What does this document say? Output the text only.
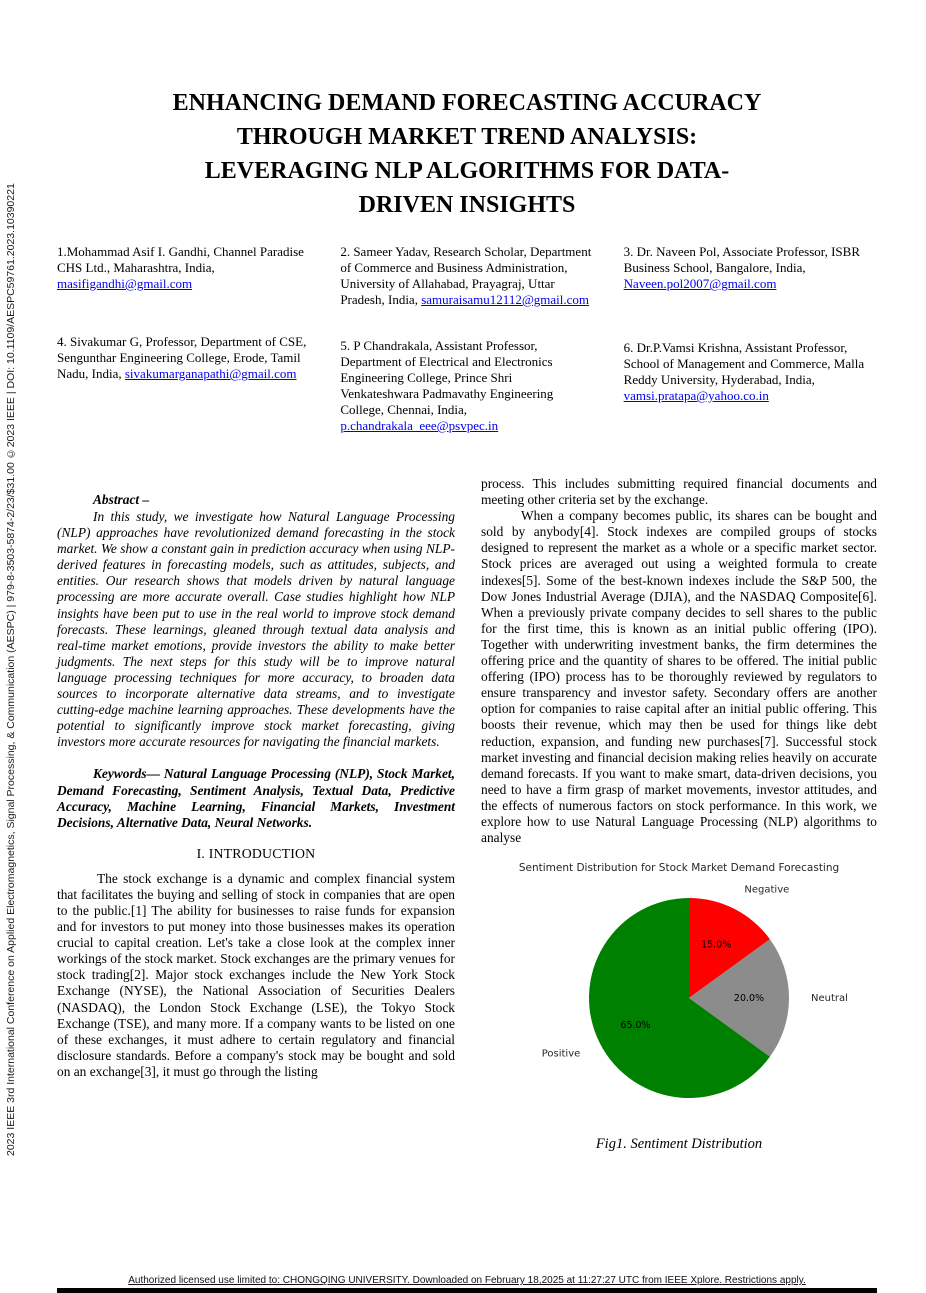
2023 IEEE 3rd International Conference on Applied Electromagnetics, Signal Processing, & Communication (AESPC) | 979-8-3503-5874-2/23/$31.00 ©2023 IEEE | DOI: 10.1109/AESPC59761.2023.10390221
ENHANCING DEMAND FORECASTING ACCURACY
THROUGH MARKET TREND ANALYSIS:
LEVERAGING NLP ALGORITHMS FOR DATA-
DRIVEN INSIGHTS

1.Mohammad Asif I. Gandhi, Channel Paradise CHS Ltd., Maharashtra, India, masifigandhi@gmail.com

4. Sivakumar G, Professor, Department of CSE, Sengunthar Engineering College, Erode, Tamil Nadu, India, sivakumarganapathi@gmail.com

2. Sameer Yadav, Research Scholar, Department of Commerce and Business Administration, University of Allahabad, Prayagraj, Uttar Pradesh, India, samuraisamu12112@gmail.com

5. P Chandrakala, Assistant Professor, Department of Electrical and Electronics Engineering College, Prince Shri Venkateshwara Padmavathy Engineering College, Chennai, India, p.chandrakala_eee@psvpec.in

3. Dr. Naveen Pol, Associate Professor, ISBR Business School, Bangalore, India, Naveen.pol2007@gmail.com

6. Dr.P.Vamsi Krishna, Assistant Professor, School of Management and Commerce, Malla Reddy University, Hyderabad, India, vamsi.pratapa@yahoo.co.in

Abstract –

In this study, we investigate how Natural Language Processing (NLP) approaches have revolutionized demand forecasting in the stock market. We show a constant gain in prediction accuracy when using NLP-derived features in forecasting models, such as attitudes, subjects, and entities. Our research shows that models driven by natural language processing are more accurate overall. Case studies highlight how NLP insights have been put to use in the real world to improve stock demand forecasts. These learnings, gleaned through textual data analysis and real-time market emotions, provide investors the ability to make better judgments. The next steps for this study will be to improve natural language processing techniques for more accuracy, to broaden data sources to incorporate alternative data streams, and to investigate cutting-edge machine learning approaches. These developments have the potential to significantly improve stock market forecasting, giving investors more accurate resources for navigating the financial markets.

Keywords— Natural Language Processing (NLP), Stock Market, Demand Forecasting, Sentiment Analysis, Textual Data, Predictive Accuracy, Machine Learning, Financial Markets, Investment Decisions, Alternative Data, Neural Networks.

I. INTRODUCTION

The stock exchange is a dynamic and complex financial system that facilitates the buying and selling of stock in companies that are open to the public.[1] The ability for businesses to raise funds for expansion and for investors to put money into those businesses makes its operation crucial to capital creation. Let's take a close look at the complex inner workings of the stock market. Stock exchanges are the primary venues for stock trading[2]. Major stock exchanges include the New York Stock Exchange (NYSE), the National Association of Securities Dealers (NASDAQ), the London Stock Exchange (LSE), the Tokyo Stock Exchange (TSE), and many more. If a company wants to be listed on one of these exchanges, it must adhere to certain regulatory and financial disclosure standards. Before a company's stock may be bought and sold on an exchange[3], it must go through the listing

process. This includes submitting required financial documents and meeting other criteria set by the exchange.

When a company becomes public, its shares can be bought and sold by anybody[4]. Stock indexes are compiled groups of stocks designed to represent the market as a whole or a specific market sector. Stock prices are averaged out using a weighted formula to create indexes[5]. Some of the best-known indexes include the S&P 500, the Dow Jones Industrial Average (DJIA), and the NASDAQ Composite[6]. When a previously private company decides to sell shares to the public for the first time, this is known as an initial public offering (IPO). Together with underwriting investment banks, the firm determines the offering price and the quantity of shares to be offered. The initial public offering (IPO) process has to be thoroughly reviewed by regulators to ensure transparency and investor safety. Secondary offers are another option for companies to raise capital after an initial public offering. This boosts their revenue, which may then be used for things like debt reduction, expansion, and funding new purchases[7]. Successful stock market investing and financial decision making relies heavily on accurate demand forecasts. If you want to make smart, data-driven decisions, you need to have a firm grasp of market movements, investor attitudes, and the effects of numerous factors on stock performance. In this work, we explore how to use Natural Language Processing (NLP) algorithms to analyse

Sentiment Distribution for Stock Market Demand Forecasting
15.0%
Negative
20.0%	Neutral
65.0%
Positive
Fig1. Sentiment Distribution
Authorized licensed use limited to: CHONGQING UNIVERSITY. Downloaded on February 18,2025 at 11:27:27 UTC from IEEE Xplore. Restrictions apply.
